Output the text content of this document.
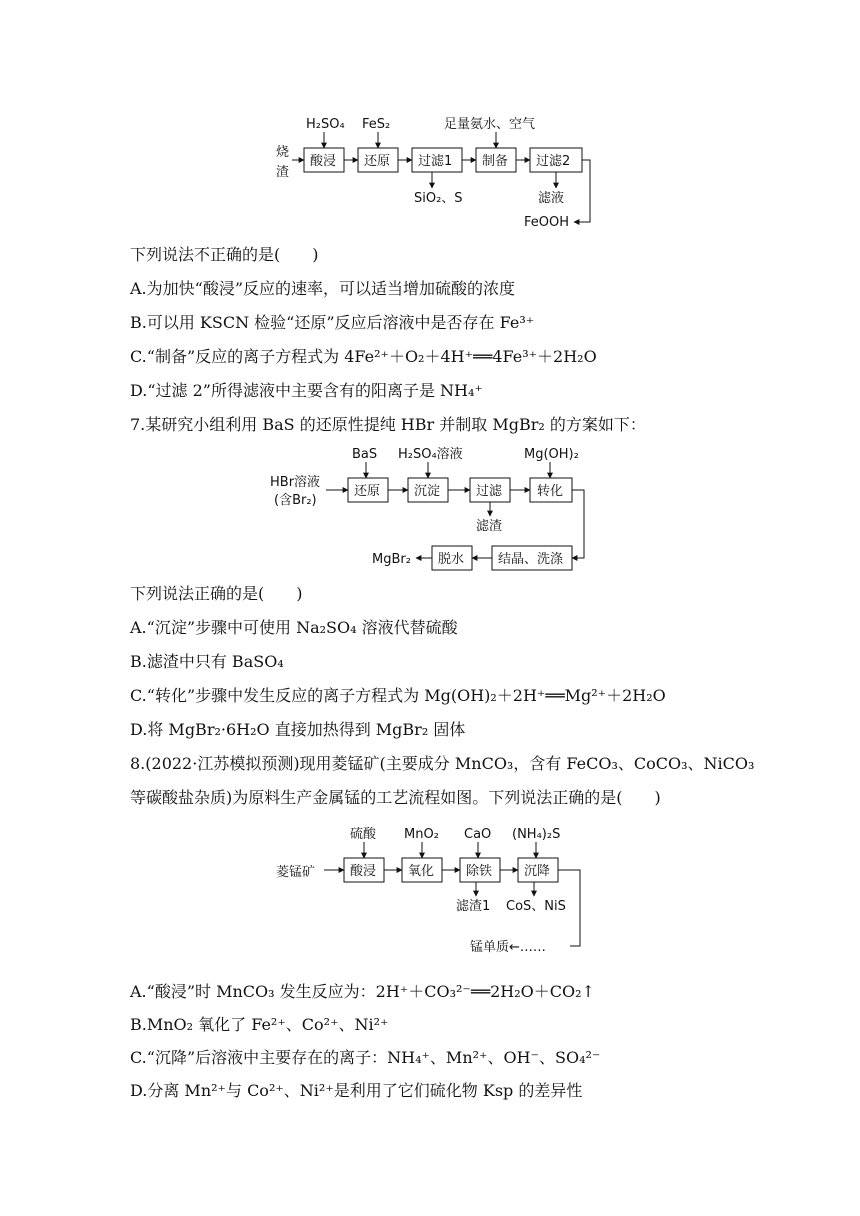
烧
渣
H₂SO₄ FeS₂	足量氨水、空气
酸浸 还原 过滤1 制备 过滤2
SiO₂、S	滤液
FeOOH
下列说法不正确的是(　　)
A.为加快“酸浸”反应的速率，可以适当增加硫酸的浓度
B.可以用 KSCN 检验“还原”反应后溶液中是否存在 Fe³⁺
C.“制备”反应的离子方程式为 4Fe²⁺＋O₂＋4H⁺══4Fe³⁺＋2H₂O
D.“过滤 2”所得滤液中主要含有的阳离子是 NH₄⁺
7.某研究小组利用 BaS 的还原性提纯 HBr 并制取 MgBr₂ 的方案如下：
HBr溶液
(含Br₂)
BaS H₂SO₄溶液	Mg(OH)₂
还原	沉淀	过滤	转化
结晶、洗涤
脱水
滤渣
MgBr₂
下列说法正确的是(　　)
A.“沉淀”步骤中可使用 Na₂SO₄ 溶液代替硫酸
B.滤渣中只有 BaSO₄
C.“转化”步骤中发生反应的离子方程式为 Mg(OH)₂＋2H⁺══Mg²⁺＋2H₂O
D.将 MgBr₂·6H₂O 直接加热得到 MgBr₂ 固体
8.(2022·江苏模拟预测)现用菱锰矿(主要成分 MnCO₃，含有 FeCO₃、CoCO₃、NiCO₃
等碳酸盐杂质)为原料生产金属锰的工艺流程如图。下列说法正确的是(　　)
菱锰矿
硫酸 MnO₂ CaO (NH₄)₂S
酸浸 氧化 除铁 沉降
滤渣1 CoS、NiS
锰单质←……
A.“酸浸”时 MnCO₃ 发生反应为：2H⁺＋CO₃²⁻══2H₂O＋CO₂↑
B.MnO₂ 氧化了 Fe²⁺、Co²⁺、Ni²⁺
C.“沉降”后溶液中主要存在的离子：NH₄⁺、Mn²⁺、OH⁻、SO₄²⁻
D.分离 Mn²⁺与 Co²⁺、Ni²⁺是利用了它们硫化物 Ksp 的差异性
